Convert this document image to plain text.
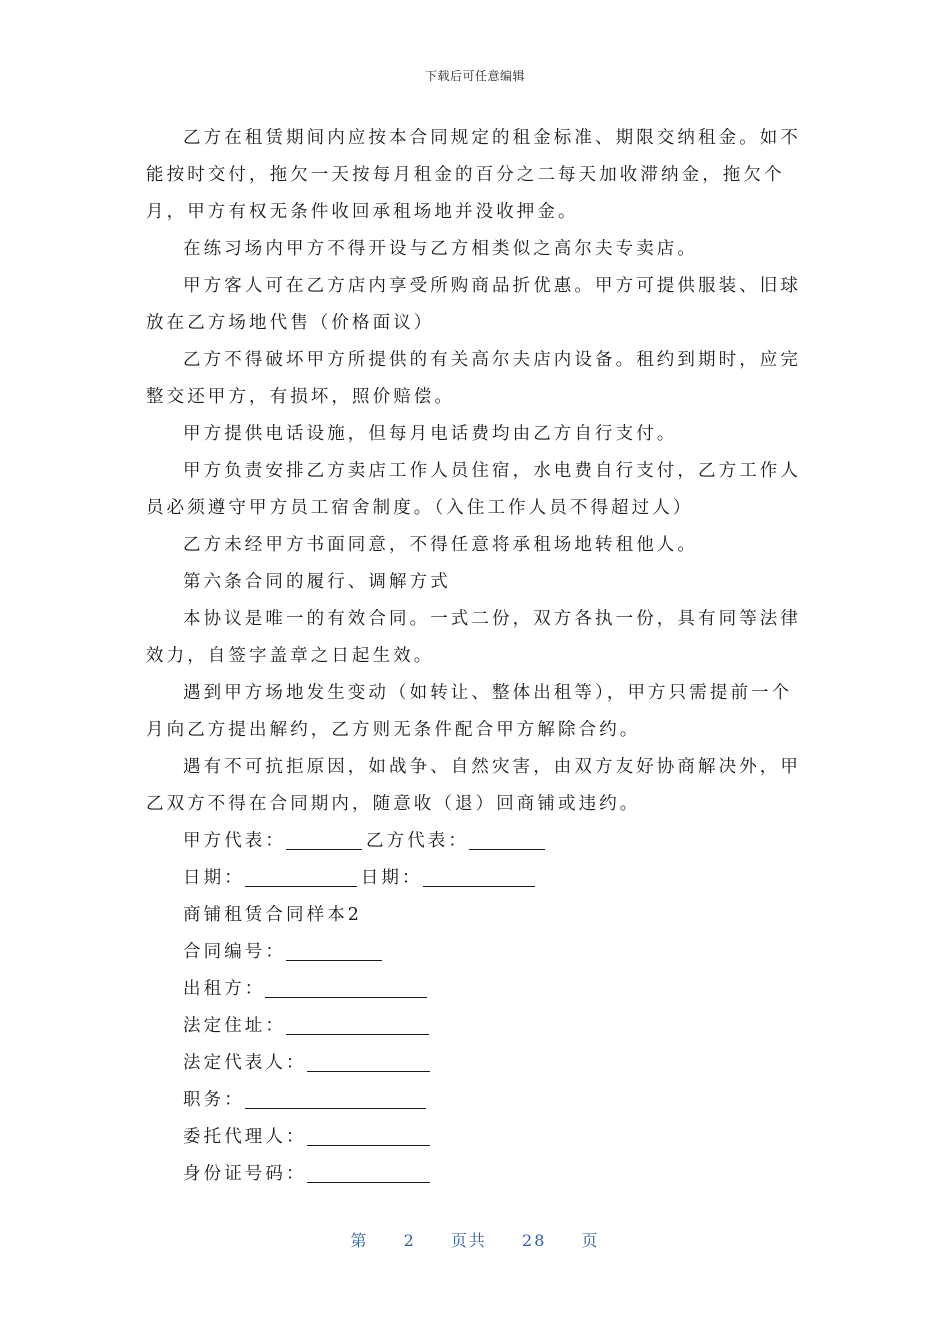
下载后可任意编辑

乙方在租赁期间内应按本合同规定的租金标准、期限交纳租金。如不能按时交付，拖欠一天按每月租金的百分之二每天加收滞纳金，拖欠个月，甲方有权无条件收回承租场地并没收押金。

在练习场内甲方不得开设与乙方相类似之高尔夫专卖店。

甲方客人可在乙方店内享受所购商品折优惠。甲方可提供服装、旧球放在乙方场地代售（价格面议）

乙方不得破坏甲方所提供的有关高尔夫店内设备。租约到期时，应完整交还甲方，有损坏，照价赔偿。

甲方提供电话设施，但每月电话费均由乙方自行支付。

甲方负责安排乙方卖店工作人员住宿，水电费自行支付，乙方工作人员必须遵守甲方员工宿舍制度。（入住工作人员不得超过人）

乙方未经甲方书面同意，不得任意将承租场地转租他人。

第六条合同的履行、调解方式

本协议是唯一的有效合同。一式二份，双方各执一份，具有同等法律效力，自签字盖章之日起生效。

遇到甲方场地发生变动（如转让、整体出租等），甲方只需提前一个月向乙方提出解约，乙方则无条件配合甲方解除合约。

遇有不可抗拒原因，如战争、自然灾害，由双方友好协商解决外，甲乙双方不得在合同期内，随意收（退）回商铺或违约。

甲方代表：	乙方代表：

日期：	日期：

商铺租赁合同样本2

合同编号：

出租方：

法定住址：

法定代表人：

职务：

委托代理人：

身份证号码：

第 2 页共 28 页
